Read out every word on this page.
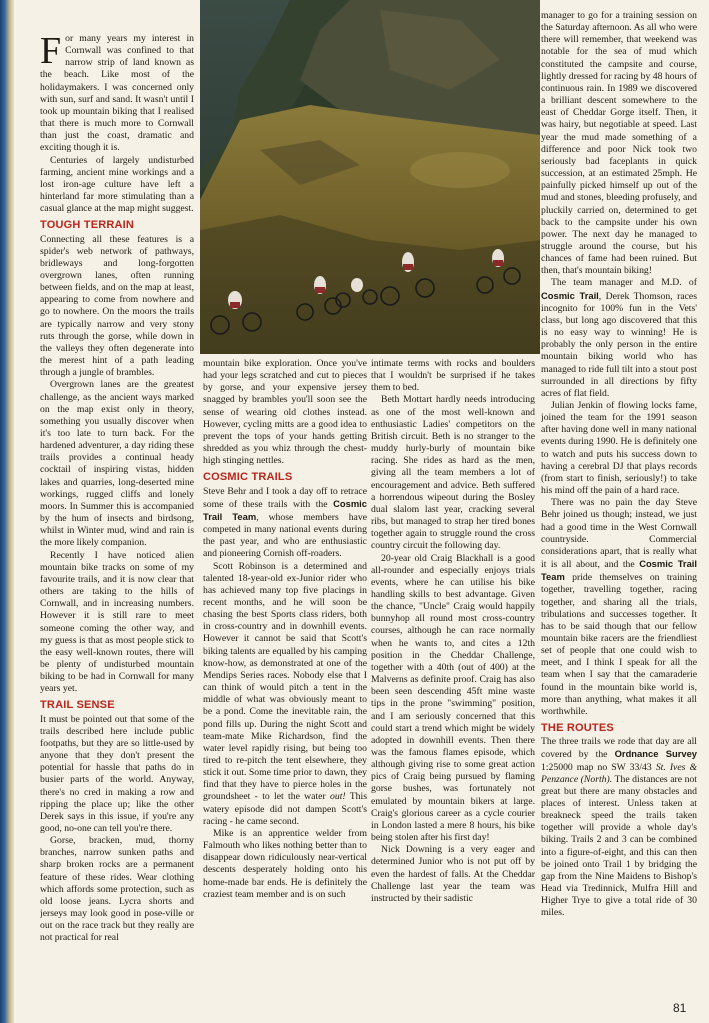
For many years my interest in Cornwall was confined to that narrow strip of land known as the beach. Like most of the holidaymakers. I was concerned only with sun, surf and sand. It wasn't until I took up mountain biking that I realised that there is much more to Cornwall than just the coast, dramatic and exciting though it is.

Centuries of largely undisturbed farming, ancient mine workings and a lost iron-age culture have left a hinterland far more stimulating than a casual glance at the map might suggest.

TOUGH TERRAIN

Connecting all these features is a spider's web network of pathways, bridleways and long-forgotten overgrown lanes, often running between fields, and on the map at least, appearing to come from nowhere and go to nowhere. On the moors the trails are typically narrow and very stony ruts through the gorse, while down in the valleys they often degenerate into the merest hint of a path leading through a jungle of brambles.

Overgrown lanes are the greatest challenge, as the ancient ways marked on the map exist only in theory, something you usually discover when it's too late to turn back. For the hardened adventurer, a day riding these trails provides a continual heady cocktail of inspiring vistas, hidden lakes and quarries, long-deserted mine workings, rugged cliffs and lonely moors. In Summer this is accompanied by the hum of insects and birdsong, whilst in Winter mud, wind and rain is the more likely companion.

Recently I have noticed alien mountain bike tracks on some of my favourite trails, and it is now clear that others are taking to the hills of Cornwall, and in increasing numbers. However it is still rare to meet someone coming the other way, and my guess is that as most people stick to the easy well-known routes, there will be plenty of undisturbed mountain biking to be had in Cornwall for many years yet.

TRAIL SENSE

It must be pointed out that some of the trails described here include public footpaths, but they are so little-used by anyone that they don't present the potential for hassle that paths do in busier parts of the world. Anyway, there's no cred in making a row and ripping the place up; like the other Derek says in this issue, if you're any good, no-one can tell you're there.

Gorse, bracken, mud, thorny branches, narrow sunken paths and sharp broken rocks are a permanent feature of these rides. Wear clothing which affords some protection, such as old loose jeans. Lycra shorts and jerseys may look good in pose-ville or out on the race track but they really are not practical for real

mountain bike exploration. Once you've had your legs scratched and cut to pieces by gorse, and your expensive jersey snagged by brambles you'll soon see the sense of wearing old clothes instead. However, cycling mitts are a good idea to prevent the tops of your hands getting shredded as you whiz through the chest-high stinging nettles.

COSMIC TRAILS

Steve Behr and I took a day off to retrace some of these trails with the Cosmic Trail Team, whose members have competed in many national events during the past year, and who are enthusiastic and pioneering Cornish off-roaders.

Scott Robinson is a determined and talented 18-year-old ex-Junior rider who has achieved many top five placings in recent months, and he will soon be chasing the best Sports class riders, both in cross-country and in downhill events. However it cannot be said that Scott's biking talents are equalled by his camping know-how, as demonstrated at one of the Mendips Series races. Nobody else that I can think of would pitch a tent in the middle of what was obviously meant to be a pond. Come the inevitable rain, the pond fills up. During the night Scott and team-mate Mike Richardson, find the water level rapidly rising, but being too tired to re-pitch the tent elsewhere, they stick it out. Some time prior to dawn, they find that they have to pierce holes in the groundsheet - to let the water out! This watery episode did not dampen Scott's racing - he came second.

Mike is an apprentice welder from Falmouth who likes nothing better than to disappear down ridiculously near-vertical descents desperately holding onto his home-made bar ends. He is definitely the craziest team member and is on such

intimate terms with rocks and boulders that I wouldn't be surprised if he takes them to bed.

Beth Mottart hardly needs introducing as one of the most well-known and enthusiastic Ladies' competitors on the British circuit. Beth is no stranger to the muddy hurly-burly of mountain bike racing. She rides as hard as the men, giving all the team members a lot of encouragement and advice. Beth suffered a horrendous wipeout during the Bosley dual slalom last year, cracking several ribs, but managed to strap her tired bones together again to struggle round the cross country circuit the following day.

20-year old Craig Blackhall is a good all-rounder and especially enjoys trials events, where he can utilise his bike handling skills to best advantage. Given the chance, "Uncle" Craig would happily bunnyhop all round most cross-country courses, although he can race normally when he wants to, and cites a 12th position in the Cheddar Challenge, together with a 40th (out of 400) at the Malverns as definite proof. Craig has also been seen descending 45ft mine waste tips in the prone "swimming" position, and I am seriously concerned that this could start a trend which might be widely adopted in downhill events. Then there was the famous flames episode, which although giving rise to some great action pics of Craig being pursued by flaming gorse bushes, was fortunately not emulated by mountain bikers at large. Craig's glorious career as a cycle courier in London lasted a mere 8 hours, his bike being stolen after his first day!

Nick Downing is a very eager and determined Junior who is not put off by even the hardest of falls. At the Cheddar Challenge last year the team was instructed by their sadistic

manager to go for a training session on the Saturday afternoon. As all who were there will remember, that weekend was notable for the sea of mud which constituted the campsite and course, lightly dressed for racing by 48 hours of continuous rain. In 1989 we discovered a brilliant descent somewhere to the east of Cheddar Gorge itself. Then, it was hairy, but negotiable at speed. Last year the mud made something of a difference and poor Nick took two seriously bad faceplants in quick succession, at an estimated 25mph. He painfully picked himself up out of the mud and stones, bleeding profusely, and pluckily carried on, determined to get back to the campsite under his own power. The next day he managed to struggle around the course, but his chances of fame had been ruined. But then, that's mountain biking!

The team manager and M.D. of Cosmic Trail, Derek Thomson, races incognito for 100% fun in the Vets' class, but long ago discovered that this is no easy way to winning! He is probably the only person in the entire mountain biking world who has managed to ride full tilt into a stout post surrounded in all directions by fifty acres of flat field.

Julian Jenkin of flowing locks fame, joined the team for the 1991 season after having done well in many national events during 1990. He is definitely one to watch and puts his success down to having a cerebral DJ that plays records (from start to finish, seriously!) to take his mind off the pain of a hard race.

There was no pain the day Steve Behr joined us though; instead, we just had a good time in the West Cornwall countryside. Commercial considerations apart, that is really what it is all about, and the Cosmic Trail Team pride themselves on training together, travelling together, racing together, and sharing all the trials, tribulations and successes together. It has to be said though that our fellow mountain bike racers are the friendliest set of people that one could wish to meet, and I think I speak for all the team when I say that the camaraderie found in the mountain bike world is, more than anything, what makes it all worthwhile.

THE ROUTES

The three trails we rode that day are all covered by the Ordnance Survey 1:25000 map no SW 33/43 St. Ives & Penzance (North). The distances are not great but there are many obstacles and places of interest. Unless taken at breakneck speed the trails taken together will provide a whole day's biking. Trails 2 and 3 can be combined into a figure-of-eight, and this can then be joined onto Trail 1 by bridging the gap from the Nine Maidens to Bishop's Head via Tredinnick, Mulfra Hill and Higher Trye to give a total ride of 30 miles.

81
